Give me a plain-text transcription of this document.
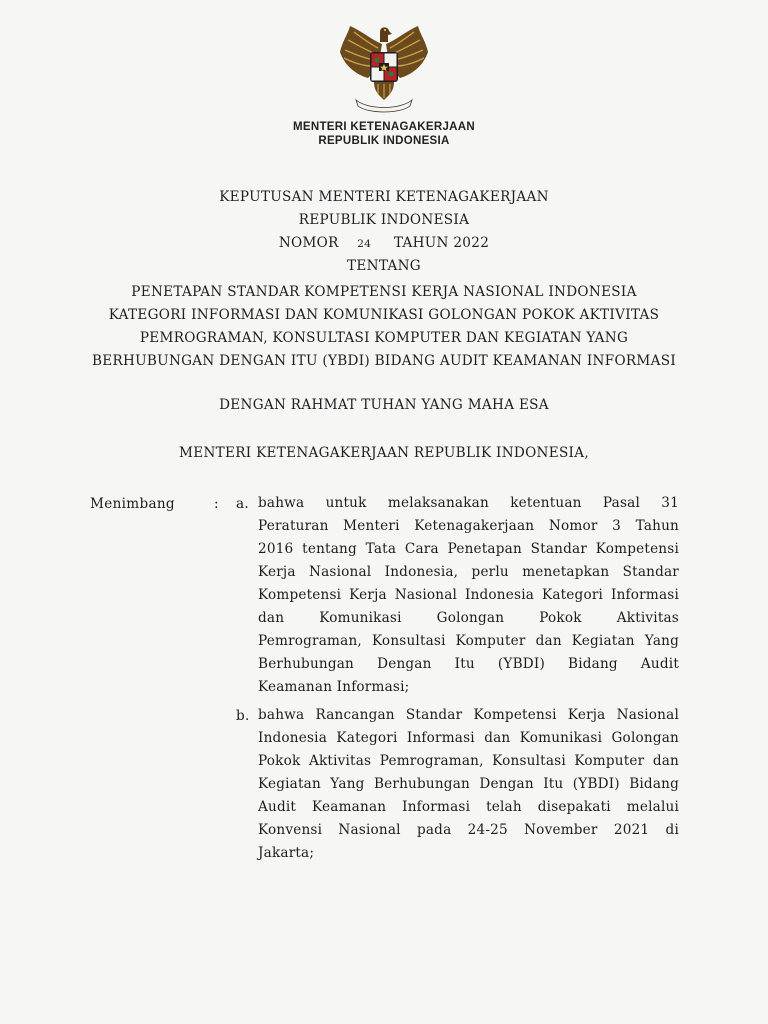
MENTERI KETENAGAKERJAAN
REPUBLIK INDONESIA
KEPUTUSAN MENTERI KETENAGAKERJAAN
REPUBLIK INDONESIA
NOMOR 24 TAHUN 2022
TENTANG
PENETAPAN STANDAR KOMPETENSI KERJA NASIONAL INDONESIA
KATEGORI INFORMASI DAN KOMUNIKASI GOLONGAN POKOK AKTIVITAS
PEMROGRAMAN, KONSULTASI KOMPUTER DAN KEGIATAN YANG
BERHUBUNGAN DENGAN ITU (YBDI) BIDANG AUDIT KEAMANAN INFORMASI
DENGAN RAHMAT TUHAN YANG MAHA ESA
MENTERI KETENAGAKERJAAN REPUBLIK INDONESIA,
Menimbang	: a. bahwa untuk melaksanakan ketentuan Pasal 31
Peraturan Menteri Ketenagakerjaan Nomor 3 Tahun
2016 tentang Tata Cara Penetapan Standar Kompetensi
Kerja Nasional Indonesia, perlu menetapkan Standar
Kompetensi Kerja Nasional Indonesia Kategori Informasi
dan Komunikasi Golongan Pokok Aktivitas
Pemrograman, Konsultasi Komputer dan Kegiatan Yang
Berhubungan Dengan Itu (YBDI) Bidang Audit
Keamanan Informasi;
b. bahwa Rancangan Standar Kompetensi Kerja Nasional
Indonesia Kategori Informasi dan Komunikasi Golongan
Pokok Aktivitas Pemrograman, Konsultasi Komputer dan
Kegiatan Yang Berhubungan Dengan Itu (YBDI) Bidang
Audit Keamanan Informasi telah disepakati melalui
Konvensi Nasional pada 24-25 November 2021 di
Jakarta;
